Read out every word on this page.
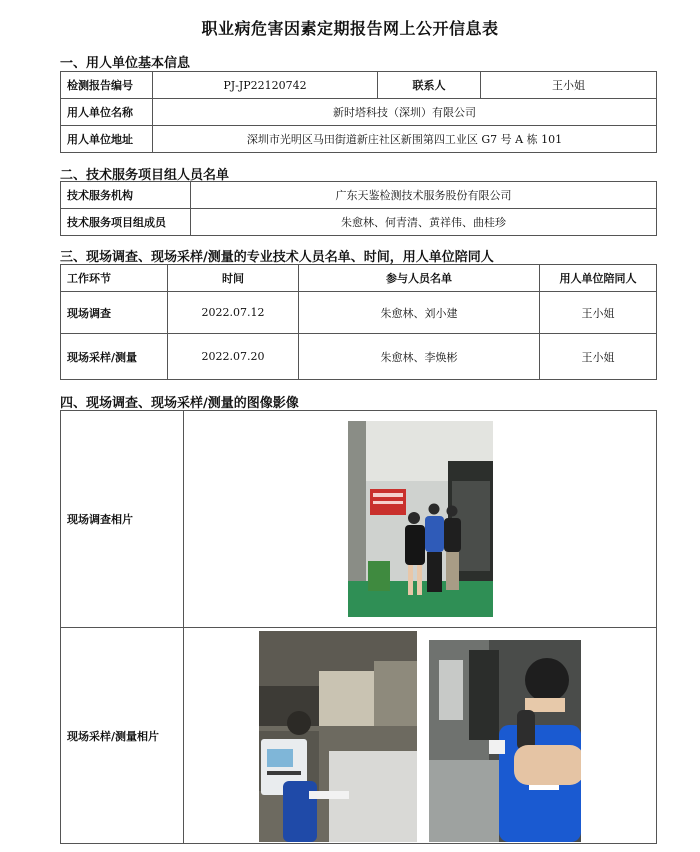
职业病危害因素定期报告网上公开信息表
一、用人单位基本信息
检测报告编号	PJ-JP22120742	联系人	王小姐
用人单位名称	新时塔科技（深圳）有限公司		
用人单位地址	深圳市光明区马田街道新庄社区新围第四工业区 G7 号 A 栋 101		
二、技术服务项目组人员名单
技术服务机构	广东天鉴检测技术服务股份有限公司
技术服务项目组成员	朱愈林、何青清、黄祥伟、曲桂珍
三、现场调查、现场采样/测量的专业技术人员名单、时间，用人单位陪同人
工作环节	时间	参与人员名单	用人单位陪同人
现场调查	2022.07.12	朱愈林、刘小建	王小姐
现场采样/测量	2022.07.20	朱愈林、李焕彬	王小姐
四、现场调查、现场采样/测量的图像影像
现场调查相片	
现场采样/测量相片	
